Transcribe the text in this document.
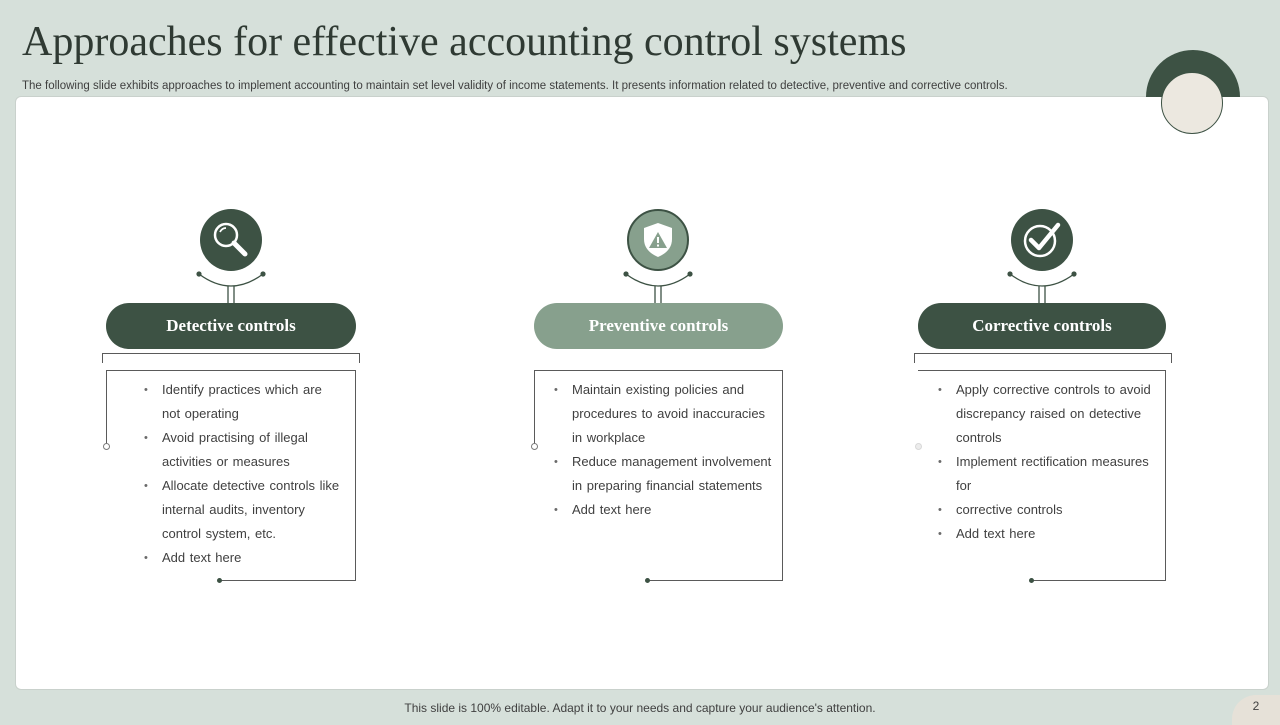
Approaches for effective accounting control systems

The following slide exhibits approaches to implement accounting to maintain set level validity of income statements. It presents information related to detective, preventive and corrective controls.

Detective controls
• Identify practices which are not operating
• Avoid practising of illegal activities or measures
• Allocate detective controls like internal audits, inventory control system, etc.
• Add text here
Preventive controls
• Maintain existing policies and procedures to avoid inaccuracies in workplace
• Reduce management involvement in preparing financial statements
• Add text here
Corrective controls
• Apply corrective controls to avoid discrepancy raised on detective controls
• Implement rectification measures for
• corrective controls
• Add text here
This slide is 100% editable. Adapt it to your needs and capture your audience's attention.	2
